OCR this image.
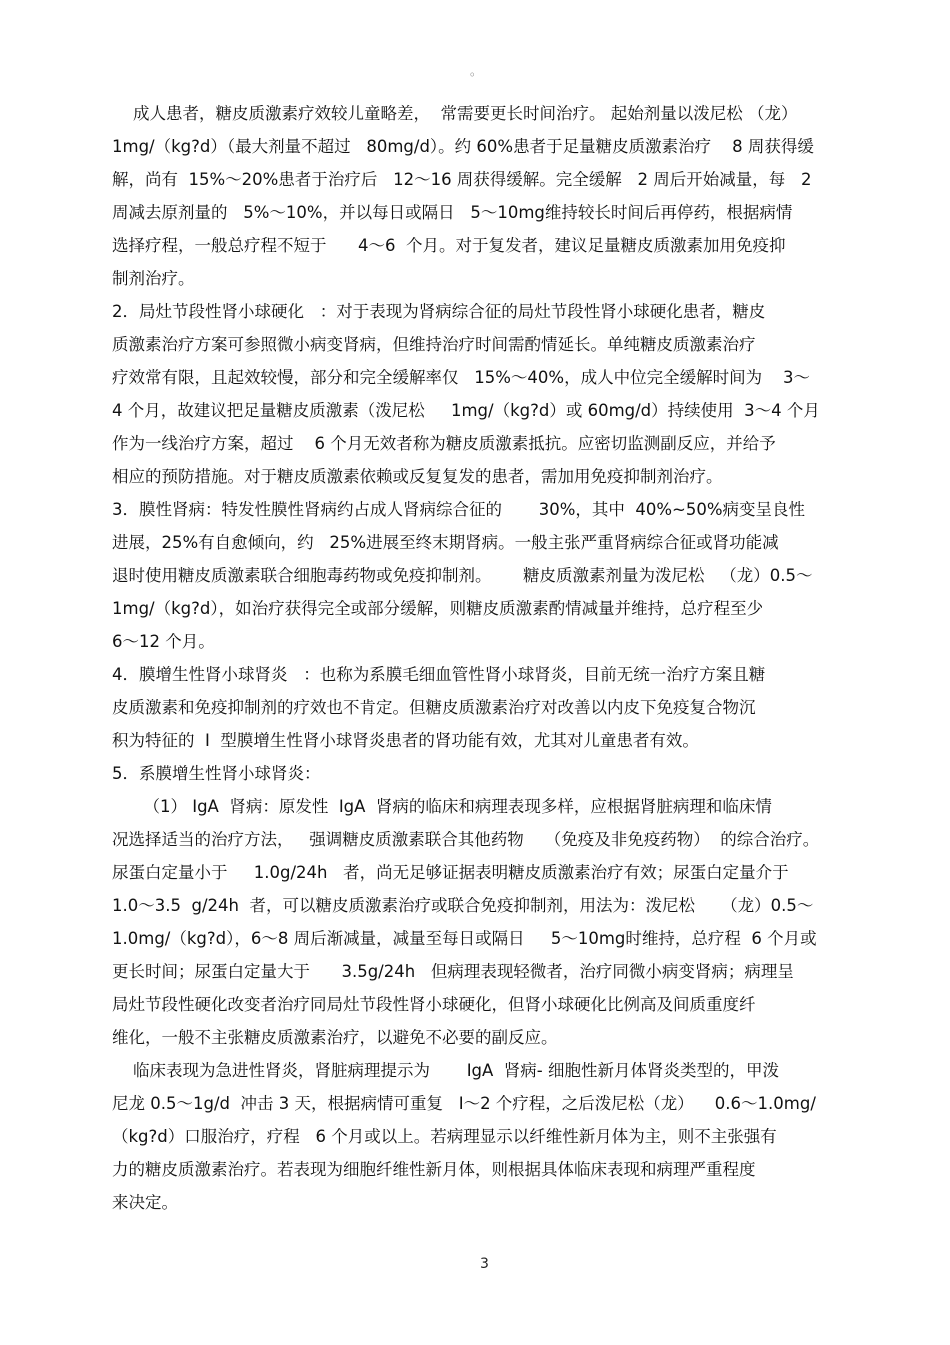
。
成人患者，糖皮质激素疗效较儿童略差，  常需要更长时间治疗。 起始剂量以泼尼松 （龙）
1mg/（kg?d）（最大剂量不超过   80mg/d）。约 60%患者于足量糖皮质激素治疗    8 周获得缓
解，尚有  15%～20%患者于治疗后   12～16 周获得缓解。完全缓解   2 周后开始减量，每   2
周减去原剂量的   5%～10%，并以每日或隔日   5～10mg维持较长时间后再停药，根据病情
选择疗程，一般总疗程不短于      4～6  个月。对于复发者，建议足量糖皮质激素加用免疫抑
制剂治疗。
2．局灶节段性肾小球硬化   ：对于表现为肾病综合征的局灶节段性肾小球硬化患者，糖皮
质激素治疗方案可参照微小病变肾病，但维持治疗时间需酌情延长。单纯糖皮质激素治疗
疗效常有限，且起效较慢，部分和完全缓解率仅   15%～40%，成人中位完全缓解时间为    3～
4 个月，故建议把足量糖皮质激素（泼尼松     1mg/（kg?d）或 60mg/d）持续使用  3～4 个月
作为一线治疗方案，超过    6 个月无效者称为糖皮质激素抵抗。应密切监测副反应，并给予
相应的预防措施。对于糖皮质激素依赖或反复复发的患者，需加用免疫抑制剂治疗。
3．膜性肾病：特发性膜性肾病约占成人肾病综合征的       30%，其中  40%~50%病变呈良性
进展，25%有自愈倾向，约   25%进展至终末期肾病。一般主张严重肾病综合征或肾功能减
退时使用糖皮质激素联合细胞毒药物或免疫抑制剂。      糖皮质激素剂量为泼尼松   （龙）0.5～
1mg/（kg?d），如治疗获得完全或部分缓解，则糖皮质激素酌情减量并维持，总疗程至少
6～12 个月。
4．膜增生性肾小球肾炎   ：也称为系膜毛细血管性肾小球肾炎，目前无统一治疗方案且糖
皮质激素和免疫抑制剂的疗效也不肯定。但糖皮质激素治疗对改善以内皮下免疫复合物沉
积为特征的  I  型膜增生性肾小球肾炎患者的肾功能有效，尤其对儿童患者有效。
5．系膜增生性肾小球肾炎：
（1） IgA  肾病：原发性  IgA  肾病的临床和病理表现多样，应根据肾脏病理和临床情
况选择适当的治疗方法，   强调糖皮质激素联合其他药物    （免疫及非免疫药物）  的综合治疗。
尿蛋白定量小于     1.0g/24h   者，尚无足够证据表明糖皮质激素治疗有效；尿蛋白定量介于
1.0～3.5  g/24h  者，可以糖皮质激素治疗或联合免疫抑制剂，用法为：泼尼松     （龙）0.5～
1.0mg/（kg?d），6～8 周后渐减量，减量至每日或隔日     5～10mg时维持，总疗程  6 个月或
更长时间；尿蛋白定量大于      3.5g/24h   但病理表现轻微者，治疗同微小病变肾病；病理呈
局灶节段性硬化改变者治疗同局灶节段性肾小球硬化，但肾小球硬化比例高及间质重度纤
维化，一般不主张糖皮质激素治疗，以避免不必要的副反应。
临床表现为急进性肾炎，肾脏病理提示为       IgA  肾病- 细胞性新月体肾炎类型的，甲泼
尼龙 0.5～1g/d  冲击 3 天，根据病情可重复   I～2 个疗程，之后泼尼松（龙）    0.6～1.0mg/
（kg?d）口服治疗，疗程   6 个月或以上。若病理显示以纤维性新月体为主，则不主张强有
力的糖皮质激素治疗。若表现为细胞纤维性新月体，则根据具体临床表现和病理严重程度
来决定。
3
